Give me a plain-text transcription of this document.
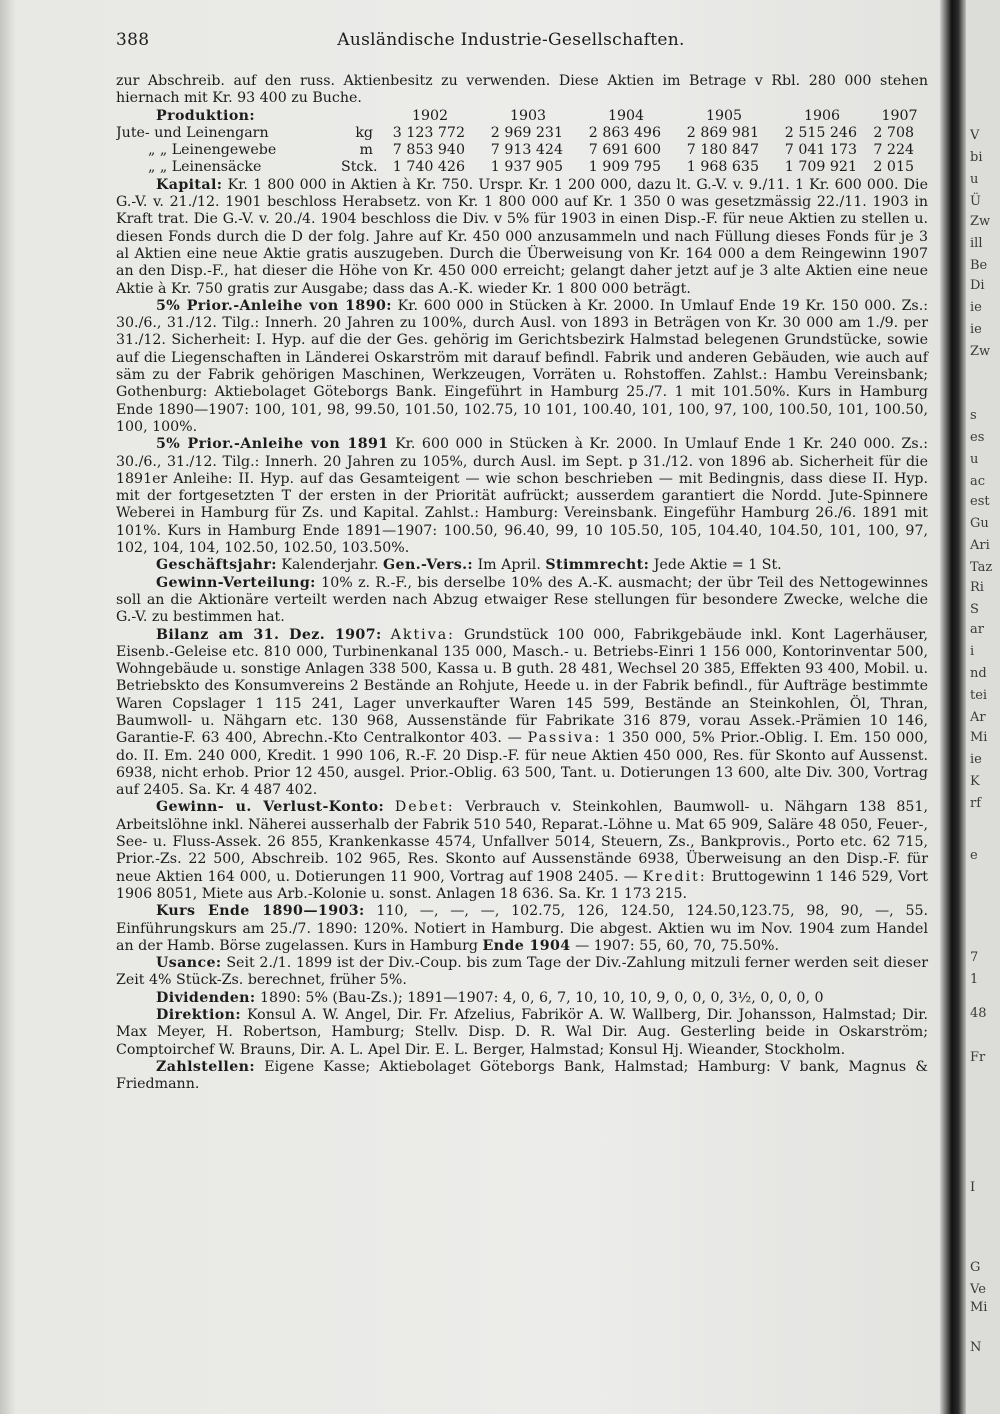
388	Ausländische Industrie-Gesellschaften.

zur Abschreib. auf den russ. Aktienbesitz zu verwenden. Diese Aktien im Betrage v Rbl. 280 000 stehen hiernach mit Kr. 93 400 zu Buche.

Produktion:		1902	1903	1904	1905	1906	1907
Jute- und Leinengarn	kg	3 123 772	2 969 231	2 863 496	2 869 981	2 515 246	2 708
„ „ Leinengewebe	m	7 853 940	7 913 424	7 691 600	7 180 847	7 041 173	7 224
„ „ Leinensäcke	Stck.	1 740 426	1 937 905	1 909 795	1 968 635	1 709 921	2 015

Kapital: Kr. 1 800 000 in Aktien à Kr. 750. Urspr. Kr. 1 200 000, dazu lt. G.-V. v. 9./11. 1 Kr. 600 000. Die G.-V. v. 21./12. 1901 beschloss Herabsetz. von Kr. 1 800 000 auf Kr. 1 350 0 was gesetzmässig 22./11. 1903 in Kraft trat. Die G.-V. v. 20./4. 1904 beschloss die Div. v 5% für 1903 in einen Disp.-F. für neue Aktien zu stellen u. diesen Fonds durch die D der folg. Jahre auf Kr. 450 000 anzusammeln und nach Füllung dieses Fonds für je 3 al Aktien eine neue Aktie gratis auszugeben. Durch die Überweisung von Kr. 164 000 a dem Reingewinn 1907 an den Disp.-F., hat dieser die Höhe von Kr. 450 000 erreicht; gelangt daher jetzt auf je 3 alte Aktien eine neue Aktie à Kr. 750 gratis zur Ausgabe; dass das A.-K. wieder Kr. 1 800 000 beträgt.

5% Prior.-Anleihe von 1890: Kr. 600 000 in Stücken à Kr. 2000. In Umlauf Ende 19 Kr. 150 000. Zs.: 30./6., 31./12. Tilg.: Innerh. 20 Jahren zu 100%, durch Ausl. von 1893 in Beträgen von Kr. 30 000 am 1./9. per 31./12. Sicherheit: I. Hyp. auf die der Ges. gehörig im Gerichtsbezirk Halmstad belegenen Grundstücke, sowie auf die Liegenschaften in Länderei Oskarström mit darauf befindl. Fabrik und anderen Gebäuden, wie auch auf säm zu der Fabrik gehörigen Maschinen, Werkzeugen, Vorräten u. Rohstoffen. Zahlst.: Hambu Vereinsbank; Gothenburg: Aktiebolaget Göteborgs Bank. Eingeführt in Hamburg 25./7. 1 mit 101.50%. Kurs in Hamburg Ende 1890—1907: 100, 101, 98, 99.50, 101.50, 102.75, 10 101, 100.40, 101, 100, 97, 100, 100.50, 101, 100.50, 100, 100%.

5% Prior.-Anleihe von 1891 Kr. 600 000 in Stücken à Kr. 2000. In Umlauf Ende 1 Kr. 240 000. Zs.: 30./6., 31./12. Tilg.: Innerh. 20 Jahren zu 105%, durch Ausl. im Sept. p 31./12. von 1896 ab. Sicherheit für die 1891er Anleihe: II. Hyp. auf das Gesamteigent — wie schon beschrieben — mit Bedingnis, dass diese II. Hyp. mit der fortgesetzten T der ersten in der Priorität aufrückt; ausserdem garantiert die Nordd. Jute-Spinnere Weberei in Hamburg für Zs. und Kapital. Zahlst.: Hamburg: Vereinsbank. Eingeführ Hamburg 26./6. 1891 mit 101%. Kurs in Hamburg Ende 1891—1907: 100.50, 96.40, 99, 10 105.50, 105, 104.40, 104.50, 101, 100, 97, 102, 104, 104, 102.50, 102.50, 103.50%.

Geschäftsjahr: Kalenderjahr. Gen.-Vers.: Im April. Stimmrecht: Jede Aktie = 1 St.

Gewinn-Verteilung: 10% z. R.-F., bis derselbe 10% des A.-K. ausmacht; der übr Teil des Nettogewinnes soll an die Aktionäre verteilt werden nach Abzug etwaiger Rese stellungen für besondere Zwecke, welche die G.-V. zu bestimmen hat.

Bilanz am 31. Dez. 1907: Aktiva: Grundstück 100 000, Fabrikgebäude inkl. Kont Lagerhäuser, Eisenb.-Geleise etc. 810 000, Turbinenkanal 135 000, Masch.- u. Betriebs-Einri 1 156 000, Kontorinventar 500, Wohngebäude u. sonstige Anlagen 338 500, Kassa u. B guth. 28 481, Wechsel 20 385, Effekten 93 400, Mobil. u. Betriebskto des Konsumvereins 2 Bestände an Rohjute, Heede u. in der Fabrik befindl., für Aufträge bestimmte Waren Copslager 1 115 241, Lager unverkaufter Waren 145 599, Bestände an Steinkohlen, Öl, Thran, Baumwoll- u. Nähgarn etc. 130 968, Aussenstände für Fabrikate 316 879, vorau Assek.-Prämien 10 146, Garantie-F. 63 400, Abrechn.-Kto Centralkontor 403. — Passiva: 1 350 000, 5% Prior.-Oblig. I. Em. 150 000, do. II. Em. 240 000, Kredit. 1 990 106, R.-F. 20 Disp.-F. für neue Aktien 450 000, Res. für Skonto auf Aussenst. 6938, nicht erhob. Prior 12 450, ausgel. Prior.-Oblig. 63 500, Tant. u. Dotierungen 13 600, alte Div. 300, Vortrag auf 2405. Sa. Kr. 4 487 402.

Gewinn- u. Verlust-Konto: Debet: Verbrauch v. Steinkohlen, Baumwoll- u. Nähgarn 138 851, Arbeitslöhne inkl. Näherei ausserhalb der Fabrik 510 540, Reparat.-Löhne u. Mat 65 909, Saläre 48 050, Feuer-, See- u. Fluss-Assek. 26 855, Krankenkasse 4574, Unfallver 5014, Steuern, Zs., Bankprovis., Porto etc. 62 715, Prior.-Zs. 22 500, Abschreib. 102 965, Res. Skonto auf Aussenstände 6938, Überweisung an den Disp.-F. für neue Aktien 164 000, u. Dotierungen 11 900, Vortrag auf 1908 2405. — Kredit: Bruttogewinn 1 146 529, Vort 1906 8051, Miete aus Arb.-Kolonie u. sonst. Anlagen 18 636. Sa. Kr. 1 173 215.

Kurs Ende 1890—1903: 110, —, —, —, 102.75, 126, 124.50, 124.50,123.75, 98, 90, —, 55. Einführungskurs am 25./7. 1890: 120%. Notiert in Hamburg. Die abgest. Aktien wu im Nov. 1904 zum Handel an der Hamb. Börse zugelassen. Kurs in Hamburg Ende 1904 — 1907: 55, 60, 70, 75.50%.

Usance: Seit 2./1. 1899 ist der Div.-Coup. bis zum Tage der Div.-Zahlung mitzuli ferner werden seit dieser Zeit 4% Stück-Zs. berechnet, früher 5%.

Dividenden: 1890: 5% (Bau-Zs.); 1891—1907: 4, 0, 6, 7, 10, 10, 10, 9, 0, 0, 0, 3½, 0, 0, 0, 0

Direktion: Konsul A. W. Angel, Dir. Fr. Afzelius, Fabrikör A. W. Wallberg, Dir. Johansson, Halmstad; Dir. Max Meyer, H. Robertson, Hamburg; Stellv. Disp. D. R. Wal Dir. Aug. Gesterling beide in Oskarström; Comptoirchef W. Brauns, Dir. A. L. Apel Dir. E. L. Berger, Halmstad; Konsul Hj. Wieander, Stockholm.

Zahlstellen: Eigene Kasse; Aktiebolaget Göteborgs Bank, Halmstad; Hamburg: V bank, Magnus & Friedmann.

V
bi
u
Ü
Zw
ill
Be
Di
ie
ie
Zw
s
es
u
ac
est
Gu
Ari
Taz
Ri
S
ar
i
nd
tei
Ar
Mi
ie
K
rf
e
7
1
48
Fr
I
G
Ve
Mi
N
